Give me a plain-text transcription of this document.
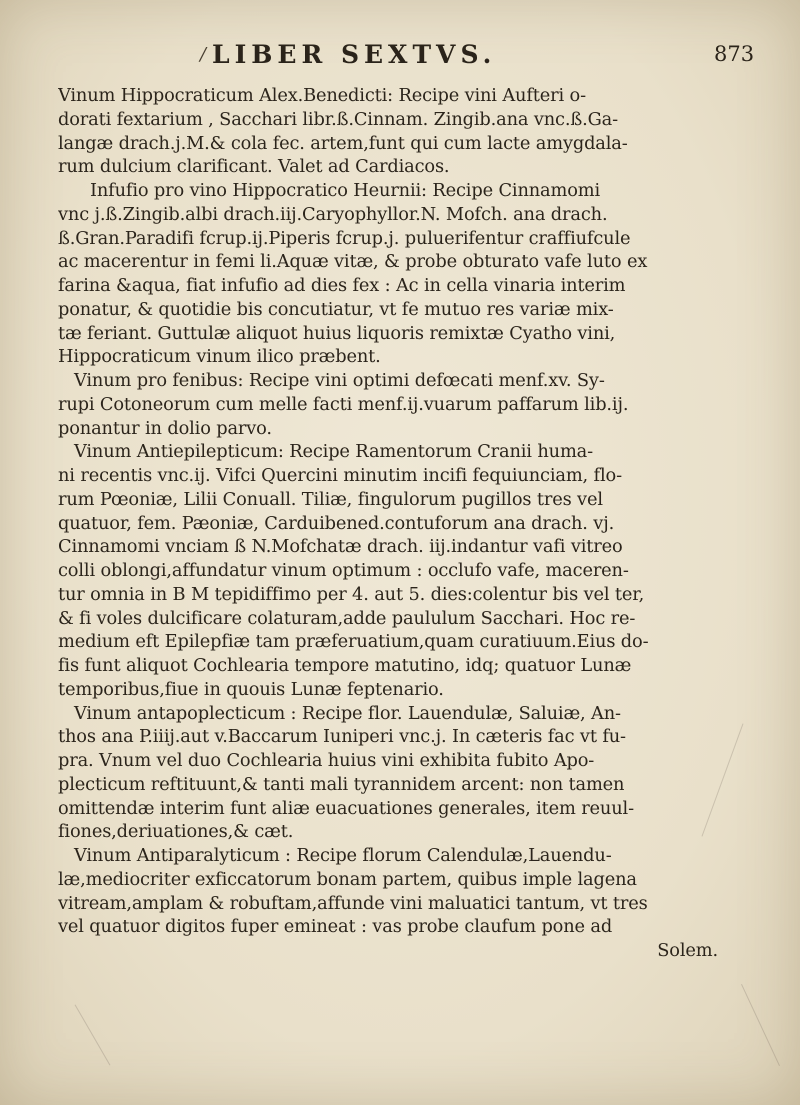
/ LIBER SEXTVS.	873
Vinum Hippocraticum Alex.Benedicti: Recipe vini Aufteri o-
dorati fextarium , Sacchari libr.ß.Cinnam. Zingib.ana vnc.ß.Ga-
langæ drach.j.M.& cola fec. artem,funt qui cum lacte amygdala-
rum dulcium clarificant. Valet ad Cardiacos.
Infufio pro vino Hippocratico Heurnii: Recipe Cinnamomi
vnc j.ß.Zingib.albi drach.iij.Caryophyllor.N. Mofch. ana drach.
ß.Gran.Paradifi fcrup.ij.Piperis fcrup.j. puluerifentur craffiufcule
ac macerentur in femi li.Aquæ vitæ, & probe obturato vafe luto ex
farina &aqua, fiat infufio ad dies fex : Ac in cella vinaria interim
ponatur, & quotidie bis concutiatur, vt fe mutuo res variæ mix-
tæ feriant. Guttulæ aliquot huius liquoris remixtæ Cyatho vini,
Hippocraticum vinum ilico præbent.
Vinum pro fenibus: Recipe vini optimi defœcati menf.xv. Sy-
rupi Cotoneorum cum melle facti menf.ij.vuarum paffarum lib.ij.
ponantur in dolio parvo.
Vinum Antiepilepticum: Recipe Ramentorum Cranii huma-
ni recentis vnc.ij. Vifci Quercini minutim incifi fequiunciam, flo-
rum Pœoniæ, Lilii Conuall. Tiliæ, fingulorum pugillos tres vel
quatuor, fem. Pæoniæ, Carduibened.contuforum ana drach. vj.
Cinnamomi vnciam ß N.Mofchatæ drach. iij.indantur vafi vitreo
colli oblongi,affundatur vinum optimum : occlufo vafe, maceren-
tur omnia in B M tepidiffimo per 4. aut 5. dies:colentur bis vel ter,
& fi voles dulcificare colaturam,adde paululum Sacchari. Hoc re-
medium eft Epilepfiæ tam præferuatium,quam curatiuum.Eius do-
fis funt aliquot Cochlearia tempore matutino, idq; quatuor Lunæ
temporibus,fiue in quouis Lunæ feptenario.
Vinum antapoplecticum : Recipe flor. Lauendulæ, Saluiæ, An-
thos ana P.iiij.aut v.Baccarum Iuniperi vnc.j. In cæteris fac vt fu-
pra. Vnum vel duo Cochlearia huius vini exhibita fubito Apo-
plecticum reftituunt,& tanti mali tyrannidem arcent: non tamen
omittendæ interim funt aliæ euacuationes generales, item reuul-
fiones,deriuationes,& cæt.
Vinum Antiparalyticum : Recipe florum Calendulæ,Lauendu-
læ,mediocriter exficcatorum bonam partem, quibus imple lagena
vitream,amplam & robuftam,affunde vini maluatici tantum, vt tres
vel quatuor digitos fuper emineat : vas probe claufum pone ad
Solem.
